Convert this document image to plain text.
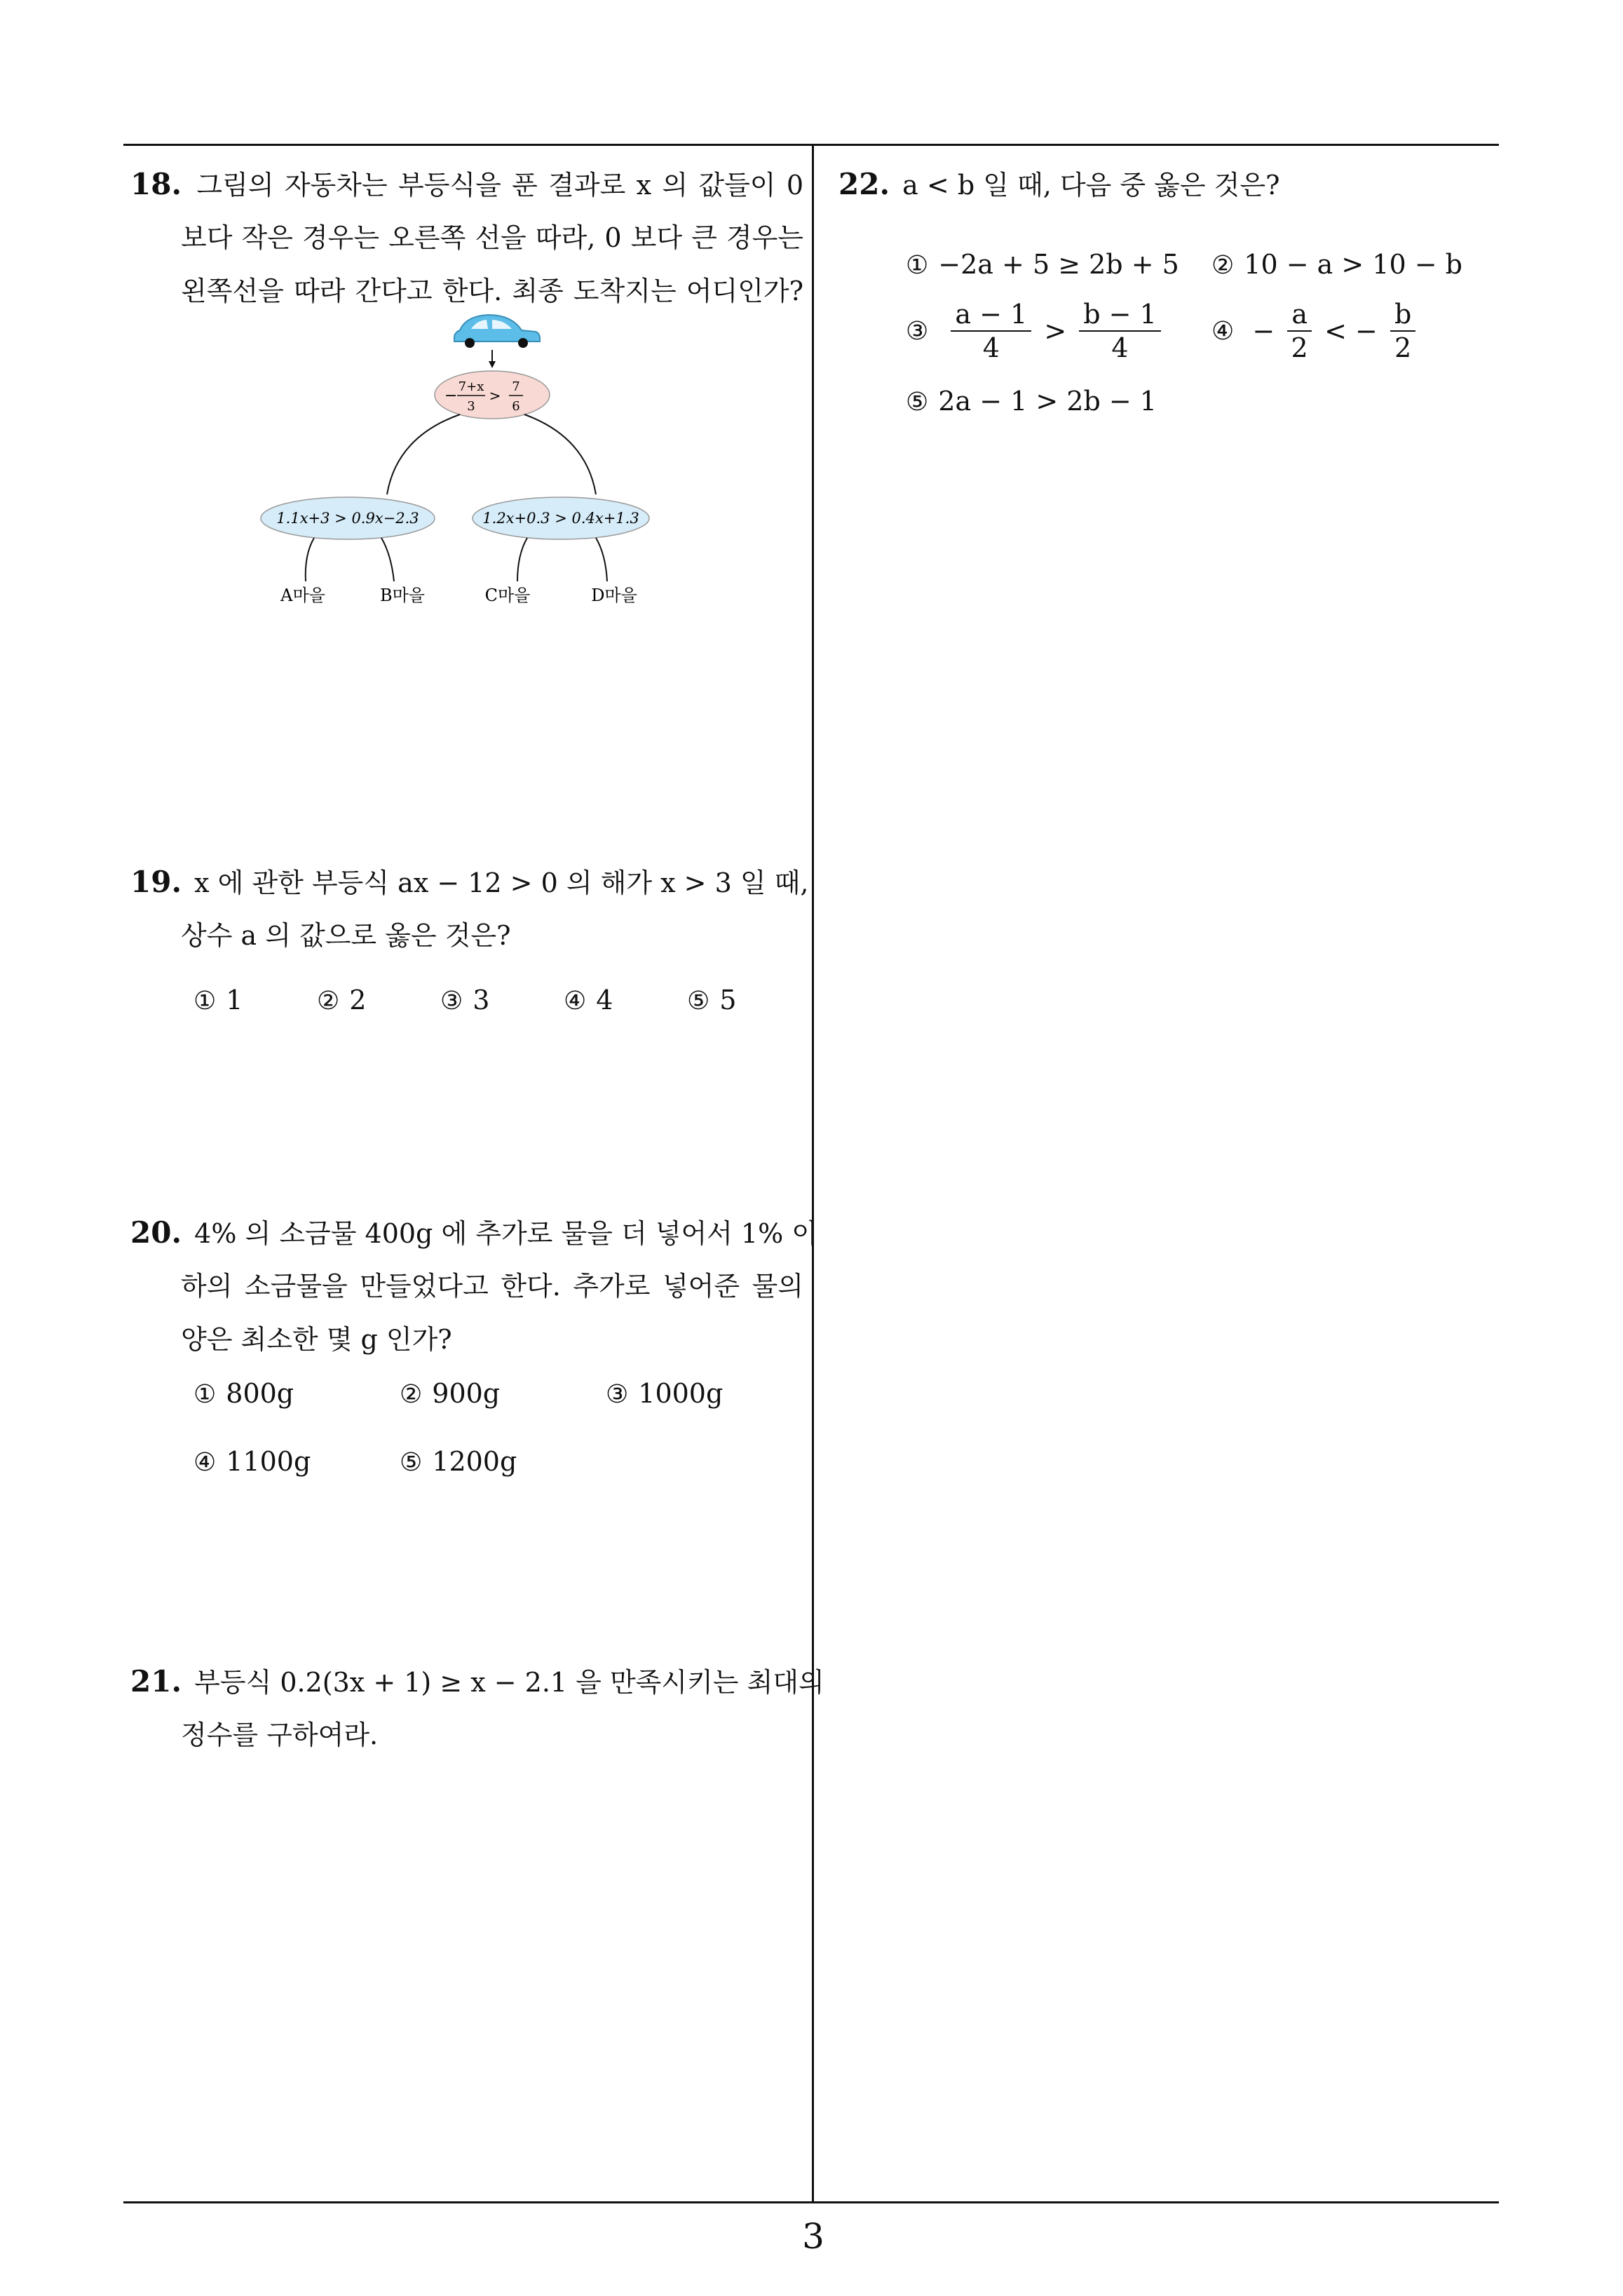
3
18. 그림의 자동차는 부등식을 푼 결과로 x 의 값들이 0
보다 작은 경우는 오른쪽 선을 따라, 0 보다 큰 경우는
왼쪽선을 따라 간다고 한다. 최종 도착지는 어디인가?
−
7+x
3
>
7
6
1.1x+3 > 0.9x−2.3	1.2x+0.3 > 0.4x+1.3
A마을	B마을	C마을	D마을
19. x 에 관한 부등식 ax − 12 > 0 의 해가 x > 3 일 때,
상수 a 의 값으로 옳은 것은?
① 1	② 2	③ 3	④ 4	⑤ 5
20. 4% 의 소금물 400g 에 추가로 물을 더 넣어서 1% 이
하의 소금물을 만들었다고 한다. 추가로 넣어준 물의
양은 최소한 몇 g 인가?
① 800g	② 900g	③ 1000g
④ 1100g	⑤ 1200g
21. 부등식 0.2(3x + 1) ≥ x − 2.1 을 만족시키는 최대의
정수를 구하여라.
22. a < b 일 때, 다음 중 옳은 것은?
① −2a + 5 ≥ 2b + 5 ② 10 − a > 10 − b
③ $\frac{a - 1}{4} > \frac{b - 1}{4}$ ④ − $\frac{a}{2}$ < − $\frac{b}{2}$
⑤ 2a − 1 > 2b − 1
